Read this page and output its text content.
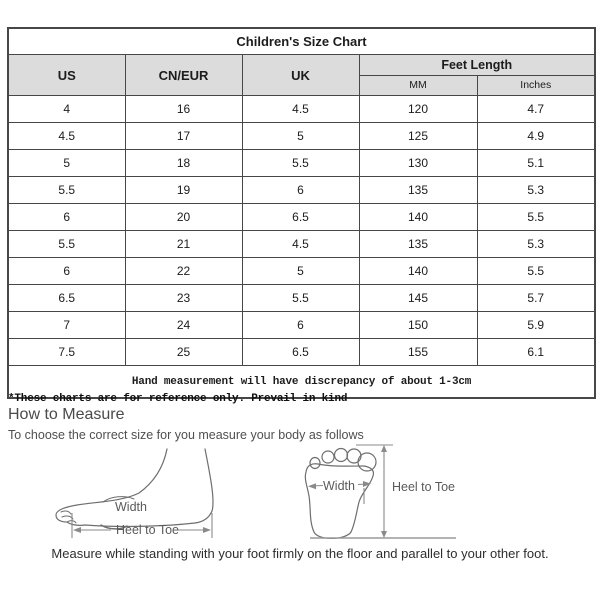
Children's Size Chart				
US	CN/EUR	UK	Feet Length	
			MM	Inches
4	16	4.5	120	4.7
4.5	17	5	125	4.9
5	18	5.5	130	5.1
5.5	19	6	135	5.3
6	20	6.5	140	5.5
5.5	21	4.5	135	5.3
6	22	5	140	5.5
6.5	23	5.5	145	5.7
7	24	6	150	5.9
7.5	25	6.5	155	6.1
Hand measurement will have discrepancy of about 1-3cm				
*These charts are for reference only. Prevail in kind
How to Measure
To choose the correct size for you measure your body as follows
Width
Heel to Toe
Width	Heel to Toe
Measure while standing with your foot firmly on the floor and parallel to your other foot.
